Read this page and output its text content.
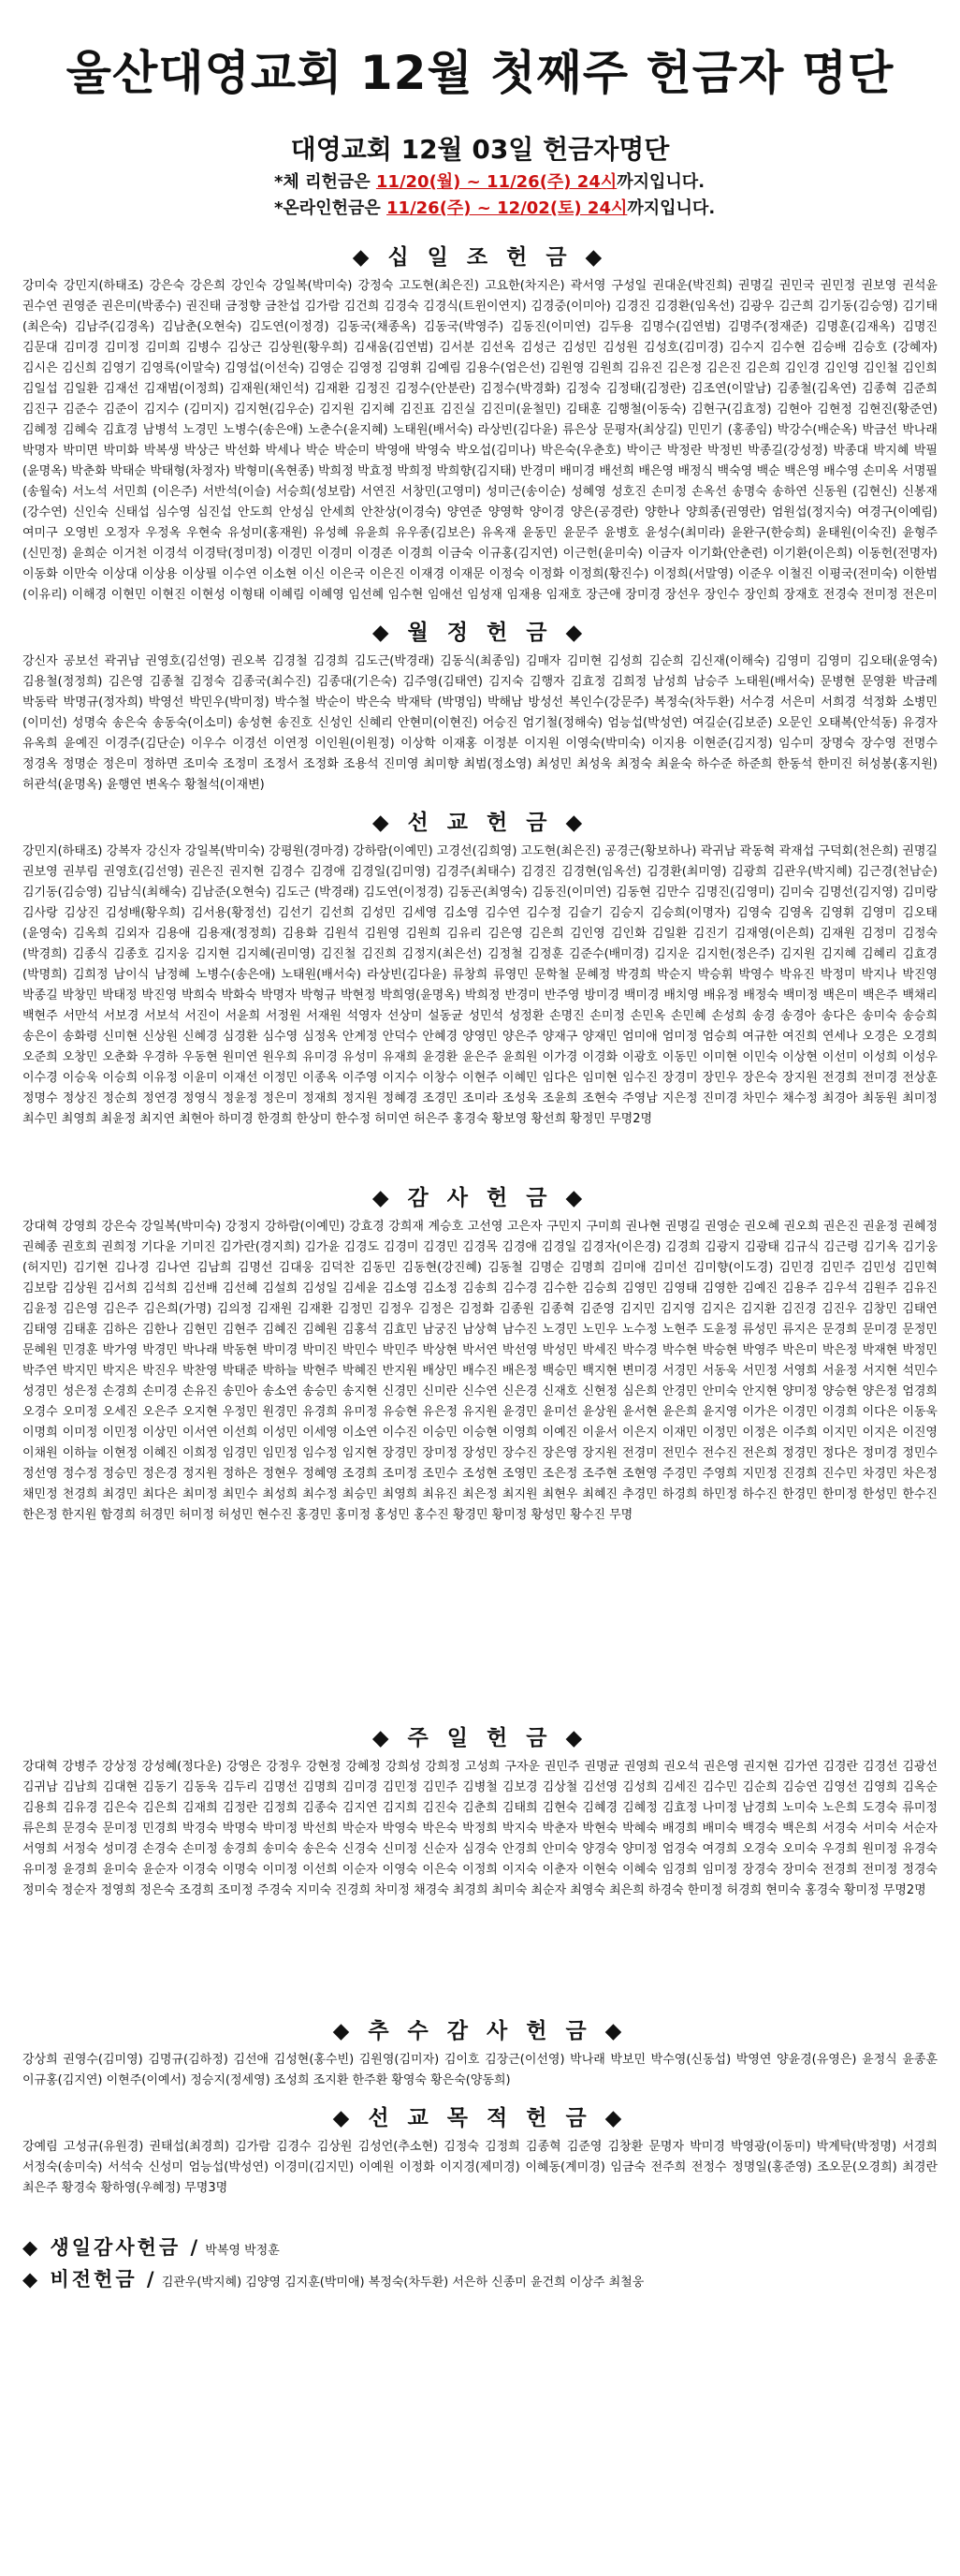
울산대영교회 12월 첫째주 헌금자 명단
대영교회 12월 03일 헌금자명단
*체 리헌금은 11/20(월) ~ 11/26(주) 24시까지입니다.
*온라인헌금은 11/26(주) ~ 12/02(토) 24시까지입니다.
◆ 십 일 조 헌 금 ◆
강미숙 강민지(하태조) 강은숙 강은희 강인숙 강일복(박미숙) 강정숙 고도현(최은진) 고요한(차지은) 곽서영 구성일 권대운(박진희) 권명길 권민국 권민정 권보영 권석윤 권수연 권영준 권은미(박종수) 권진태 금정향 금찬섭 김가람 김건희 김경숙 김경식(트윈이연지) 김경중(이미아) 김경진 김경환(임옥선) 김광우 김근희 김기동(김승영) 김기태(최은숙) 김남주(김경옥) 김남춘(오현숙) 김도연(이정경) 김동국(채종옥) 김동국(박영주) 김동진(이미연) 김두용 김명수(김연범) 김명주(정재준) 김명훈(김재옥) 김명진 김문대 김미경 김미정 김미희 김병수 김상근 김상원(황우희) 김새움(김연범) 김서분 김선옥 김성근 김성민 김성원 김성호(김미경) 김수지 김수현 김승배 김승호 (강혜자) 김시은 김신희 김영기 김영록(이말숙) 김영섭(이선숙) 김영순 김영정 김영휘 김예림 김용수(엄은선) 김원영 김원희 김유진 김은정 김은진 김은희 김인경 김인영 김인철 김인희 김일섭 김일환 김재선 김재범(이정희) 김재원(채인석) 김재환 김정진 김정수(안분란) 김정수(박경화) 김정숙 김정태(김정란) 김조연(이말남) 김종철(김옥연) 김종혁 김준희 김진구 김준수 김준이 김지수 (김미지) 김지현(김우순) 김지원 김지혜 김진표 김진실 김진미(윤철민) 김태훈 김행철(이동숙) 김현구(김효정) 김현아 김현정 김현진(황준연) 김혜정 김혜숙 김효경 남병석 노경민 노병수(송은애) 노춘수(윤지혜) 노태원(배서숙) 라상빈(김다윤) 류은상 문평자(최상길) 민민기 (홍종임) 박강수(배순옥) 박금선 박나래 박명자 박미면 박미화 박복생 박상근 박선화 박세나 박순 박순미 박영애 박영숙 박오섭(김미나) 박은숙(우춘호) 박이근 박정란 박정빈 박종길(강성정) 박종대 박지혜 박필(윤명옥) 박춘화 박태순 박태형(차정자) 박형미(옥현종) 박희정 박효정 박희정 박희향(김지태) 반경미 배미경 배선희 배은영 배정식 백숙영 백순 백은영 배수영 손미옥 서명필(송월숙) 서노석 서민희 (이은주) 서반석(이슬) 서승희(성보람) 서연진 서창민(고영미) 성미근(송이순) 성혜영 성호진 손미정 손옥선 송명숙 송하연 신동원 (김현신) 신봉재(강수연) 신인숙 신태섭 심수영 심진섭 안도희 안성심 안세희 안찬상(이경숙) 양연준 양영학 양이경 양은(공경란) 양한나 양희종(권영란) 엄원섭(정지숙) 여경구(이예림) 여미구 오영빈 오정자 우정옥 우현숙 유성미(홍재원) 유성혜 유윤희 유우종(김보은) 유옥재 윤동민 윤문주 윤병호 윤성수(최미라) 윤완구(한승희) 윤태원(이숙진) 윤형주(신민정) 윤희순 이거천 이경석 이경탁(정미정) 이경민 이경미 이경존 이경희 이금숙 이규홍(김지연) 이근헌(윤미숙) 이금자 이기화(안춘련) 이기환(이은희) 이동헌(전명자) 이동화 이만숙 이상대 이상용 이상필 이수연 이소현 이신 이은국 이은진 이재경 이재문 이정숙 이정화 이정희(황진수) 이정희(서말영) 이준우 이철진 이평국(전미숙) 이한범(이유리) 이해경 이현민 이현진 이현성 이형태 이혜림 이혜영 임선혜 임수현 임애선 임성재 임재용 임재호 장근애 장미경 장선우 장인수 장인희 장재호 전경숙 전미정 전은미
◆ 월 정 헌 금 ◆
강신자 공보선 곽귀남 권영호(김선영) 권오복 김경철 김경희 김도근(박경래) 김동식(최종임) 김매자 김미현 김성희 김순희 김신재(이해숙) 김영미 김영미 김오태(윤영숙) 김용철(정정희) 김은영 김종철 김정숙 김종국(최수진) 김종대(기은숙) 김주영(김태연) 김지숙 김행자 김효정 김희정 남성희 남승주 노태원(배서숙) 문병현 문영환 박금례 박동락 박명규(정자희) 박영선 박민우(박미정) 박수철 박순이 박은숙 박재탁 (박명임) 박해남 방성선 복인수(강문주) 복정숙(차두환) 서수경 서은미 서희경 석정화 소병민(이미선) 성명숙 송은숙 송동숙(이소미) 송성현 송진호 신성인 신혜리 안현미(이현진) 어승진 엄기철(정해숙) 엄능섭(박성연) 여길순(김보준) 오문인 오태복(안석동) 유경자 유옥희 윤예진 이경주(김단순) 이우수 이경선 이연정 이인원(이원정) 이상학 이재홍 이정분 이지원 이영숙(박미숙) 이지용 이현준(김지정) 임수미 장명숙 장수영 전명수 정경옥 정명순 정은미 정하면 조미숙 조정미 조정서 조정화 조용석 진미영 최미향 최범(정소영) 최성민 최성욱 최정숙 최윤숙 하수준 하준희 한동석 한미진 허성봉(홍지원) 허관석(윤명옥) 윤행연 변옥수 황철석(이재변)
◆ 선 교 헌 금 ◆
강민지(하태조) 강복자 강신자 강일복(박미숙) 강평원(경마경) 강하람(이예민) 고경선(김희영) 고도현(최은진) 공경근(황보하나) 곽귀남 곽동혁 곽재섭 구덕회(천은희) 권명길 권보영 권부림 권영호(김선영) 권은진 권지현 김경수 김경애 김경일(김미영) 김경주(최태수) 김경진 김경현(임옥선) 김경환(최미영) 김광희 김관우(박지혜) 김근경(천남순) 김기동(김승영) 김남식(최해숙) 김남준(오현숙) 김도근 (박경래) 김도연(이정경) 김동곤(최영숙) 김동진(이미연) 김동현 김만수 김명진(김영미) 김미숙 김명선(김지영) 김미랑 김사랑 김상진 김성배(황우희) 김서용(황정선) 김선기 김선희 김성민 김세영 김소영 김수연 김수정 김슬기 김승지 김승희(이명자) 김영숙 김영옥 김영휘 김영미 김오태(윤영숙) 김옥희 김외자 김용애 김용재(정정희) 김용화 김원석 김원영 김원희 김유리 김은영 김은희 김인영 김인화 김일환 김진기 김재영(이은희) 김재원 김정미 김정숙(박경희) 김종식 김종호 김지웅 김지현 김지혜(권미영) 김진철 김진희 김정지(최은선) 김정철 김정훈 김준수(배미경) 김지운 김지헌(정은주) 김지원 김지혜 김혜리 김효경(박명희) 김희정 남이식 남정혜 노병수(송은애) 노태원(배서숙) 라상빈(김다윤) 류창희 류영민 문학철 문혜정 박경희 박순지 박승휘 박영수 박유진 박정미 박지나 박진영 박종길 박창민 박태정 박진영 박희숙 박화숙 박명자 박형규 박현정 박희영(윤명옥) 박희정 반경미 반주영 방미경 백미경 배치영 배유정 배정숙 백미정 백은미 백은주 백채리 백현주 서만석 서보경 서보석 서진이 서윤희 서정원 서재원 석영자 선상미 설동균 성민석 성정환 손명진 손미정 손민옥 손민혜 손성희 송경 송경아 송다은 송미숙 송승희 송은이 송화령 신미현 신상원 신혜경 심경환 심수영 심정옥 안계정 안덕수 안혜경 양영민 양은주 양재구 양재민 엄미애 엄미정 엄승희 여규한 여진희 연세나 오경은 오경희 오준희 오창민 오춘화 우경하 우동현 원미연 원우희 유미경 유성미 유재희 윤경환 윤은주 윤희원 이가경 이경화 이광호 이동민 이미현 이민숙 이상현 이선미 이성희 이성우 이수경 이승욱 이승희 이유정 이윤미 이재선 이정민 이종옥 이주영 이지수 이창수 이현주 이혜민 임다은 임미현 임수진 장경미 장민우 장은숙 장지원 전경희 전미경 전상훈 정명수 정상진 정순희 정연경 정영식 정윤정 정은미 정재희 정지원 정혜경 조경민 조미라 조성욱 조윤희 조현숙 주영남 지은정 진미경 차민수 채수정 최경아 최동원 최미정 최수민 최영희 최윤정 최지연 최현아 하미경 한경희 한상미 한수정 허미연 허은주 홍경숙 황보영 황선희 황정민 무명2명
◆ 감 사 헌 금 ◆
강대혁 강영희 강은숙 강일복(박미숙) 강정지 강하람(이예민) 강효경 강희재 계승호 고선영 고은자 구민지 구미희 권나현 권명길 권영순 권오혜 권오희 권은진 권윤정 권혜정 권혜종 권호희 권희정 기다윤 기미진 김가란(경지희) 김가윤 김경도 김경미 김경민 김경목 김경애 김경일 김경자(이은경) 김경희 김광지 김광태 김규식 김근령 김기옥 김기웅(허지민) 김기현 김나경 김나연 김남희 김명선 김대웅 김덕찬 김동민 김동현(강진혜) 김동철 김명순 김명희 김미애 김미선 김미향(이도경) 김민경 김민주 김민성 김민혁 김보람 김상원 김서희 김석희 김선배 김선혜 김설희 김성일 김세윤 김소영 김소정 김송희 김수경 김수한 김승희 김영민 김영태 김영한 김예진 김용주 김우석 김원주 김유진 김윤정 김은영 김은주 김은희(가명) 김의정 김재원 김재환 김정민 김정우 김정은 김정화 김종원 김종혁 김준영 김지민 김지영 김지은 김지환 김진경 김진우 김창민 김태연 김태영 김태훈 김하은 김한나 김현민 김현주 김혜진 김혜원 김홍석 김효민 남궁진 남상혁 남수진 노경민 노민우 노수정 노현주 도윤정 류성민 류지은 문경희 문미경 문정민 문혜원 민경훈 박가영 박경민 박나래 박동현 박미경 박미진 박민수 박민주 박상현 박서연 박선영 박성민 박세진 박수경 박수현 박승현 박영주 박은미 박은정 박재현 박정민 박주연 박지민 박지은 박진우 박찬영 박태준 박하늘 박현주 박혜진 반지원 배상민 배수진 배은정 백승민 백지현 변미경 서경민 서동욱 서민정 서영희 서윤정 서지현 석민수 성경민 성은정 손경희 손미경 손유진 송민아 송소연 송승민 송지현 신경민 신미란 신수연 신은경 신재호 신현정 심은희 안경민 안미숙 안지현 양미정 양승현 양은정 엄경희 오경수 오미정 오세진 오은주 오지현 우정민 원경민 유경희 유미정 유승현 유은정 유지원 윤경민 윤미선 윤상원 윤서현 윤은희 윤지영 이가은 이경민 이경희 이다은 이동욱 이명희 이미정 이민정 이상민 이서연 이선희 이성민 이세영 이소연 이수진 이승민 이승현 이영희 이예진 이윤서 이은지 이재민 이정민 이정은 이주희 이지민 이지은 이진영 이채원 이하늘 이현정 이혜진 이희정 임경민 임민정 임수정 임지현 장경민 장미정 장성민 장수진 장은영 장지원 전경미 전민수 전수진 전은희 정경민 정다은 정미경 정민수 정선영 정수정 정승민 정은경 정지원 정하은 정현우 정혜영 조경희 조미정 조민수 조성현 조영민 조은정 조주현 조현영 주경민 주영희 지민정 진경희 진수민 차경민 차은정 채민정 천경희 최경민 최다은 최미정 최민수 최성희 최수정 최승민 최영희 최유진 최은정 최지원 최현우 최혜진 추경민 하경희 하민정 하수진 한경민 한미정 한성민 한수진 한은정 한지원 함경희 허경민 허미정 허성민 현수진 홍경민 홍미정 홍성민 홍수진 황경민 황미정 황성민 황수진 무명
◆ 주 일 헌 금 ◆
강대혁 강병주 강상정 강성혜(정다운) 강영은 강정우 강현정 강혜정 강희성 강희정 고성희 구자운 권민주 권명균 권영희 권오석 권은영 권지현 김가연 김경란 김경선 김광선 김귀남 김남희 김대현 김동기 김동욱 김두리 김명선 김명희 김미경 김민정 김민주 김병철 김보경 김상철 김선영 김성희 김세진 김수민 김순희 김승연 김영선 김영희 김옥순 김용희 김유경 김은숙 김은희 김재희 김정란 김정희 김종숙 김지연 김지희 김진숙 김춘희 김태희 김현숙 김혜경 김혜정 김효정 나미정 남경희 노미숙 노은희 도경숙 류미정 류은희 문경숙 문미정 민경희 박경숙 박명숙 박미정 박선희 박순자 박영숙 박은숙 박정희 박지숙 박춘자 박현숙 박혜숙 배경희 배미숙 백경숙 백은희 서경숙 서미숙 서순자 서영희 서정숙 성미경 손경숙 손미정 송경희 송미숙 송은숙 신경숙 신미정 신순자 심경숙 안경희 안미숙 양경숙 양미정 엄경숙 여경희 오경숙 오미숙 우경희 원미정 유경숙 유미정 윤경희 윤미숙 윤순자 이경숙 이명숙 이미정 이선희 이순자 이영숙 이은숙 이정희 이지숙 이춘자 이현숙 이혜숙 임경희 임미정 장경숙 장미숙 전경희 전미정 정경숙 정미숙 정순자 정영희 정은숙 조경희 조미정 주경숙 지미숙 진경희 차미정 채경숙 최경희 최미숙 최순자 최영숙 최은희 하경숙 한미정 허경희 현미숙 홍경숙 황미정 무명2명
◆ 추 수 감 사 헌 금 ◆
강상희 권영수(김미영) 김명규(김하정) 김선애 김성현(홍수빈) 김원영(김미자) 김이호 김장근(이선영) 박나래 박보민 박수영(신동섭) 박영연 양윤경(유영은) 윤정식 윤종훈 이규홍(김지연) 이현주(이예서) 정승지(정세영) 조성희 조지환 한주환 황영숙 황은숙(양동희)
◆ 선 교 목 적 헌 금 ◆
강예림 고성규(유원경) 권태섭(최경희) 김가람 김경수 김상원 김성언(추소현) 김정숙 김정희 김종혁 김준영 김창환 문명자 박미경 박영광(이동미) 박계탁(박정명) 서경희 서정숙(송미숙) 서석숙 신성미 엄능섭(박성연) 이경미(김지민) 이예원 이정화 이지경(제미경) 이혜동(계미경) 임금숙 전주희 전정수 정명일(홍준영) 조오문(오경희) 최경란 최은주 황경숙 황하영(우혜정) 무명3명
◆ 생일감사헌금 / 박복영 박정훈
◆ 비전헌금 / 김관우(박지혜) 김양영 김지훈(박미애) 복정숙(차두환) 서은하 신종미 윤건희 이상주 최철웅
